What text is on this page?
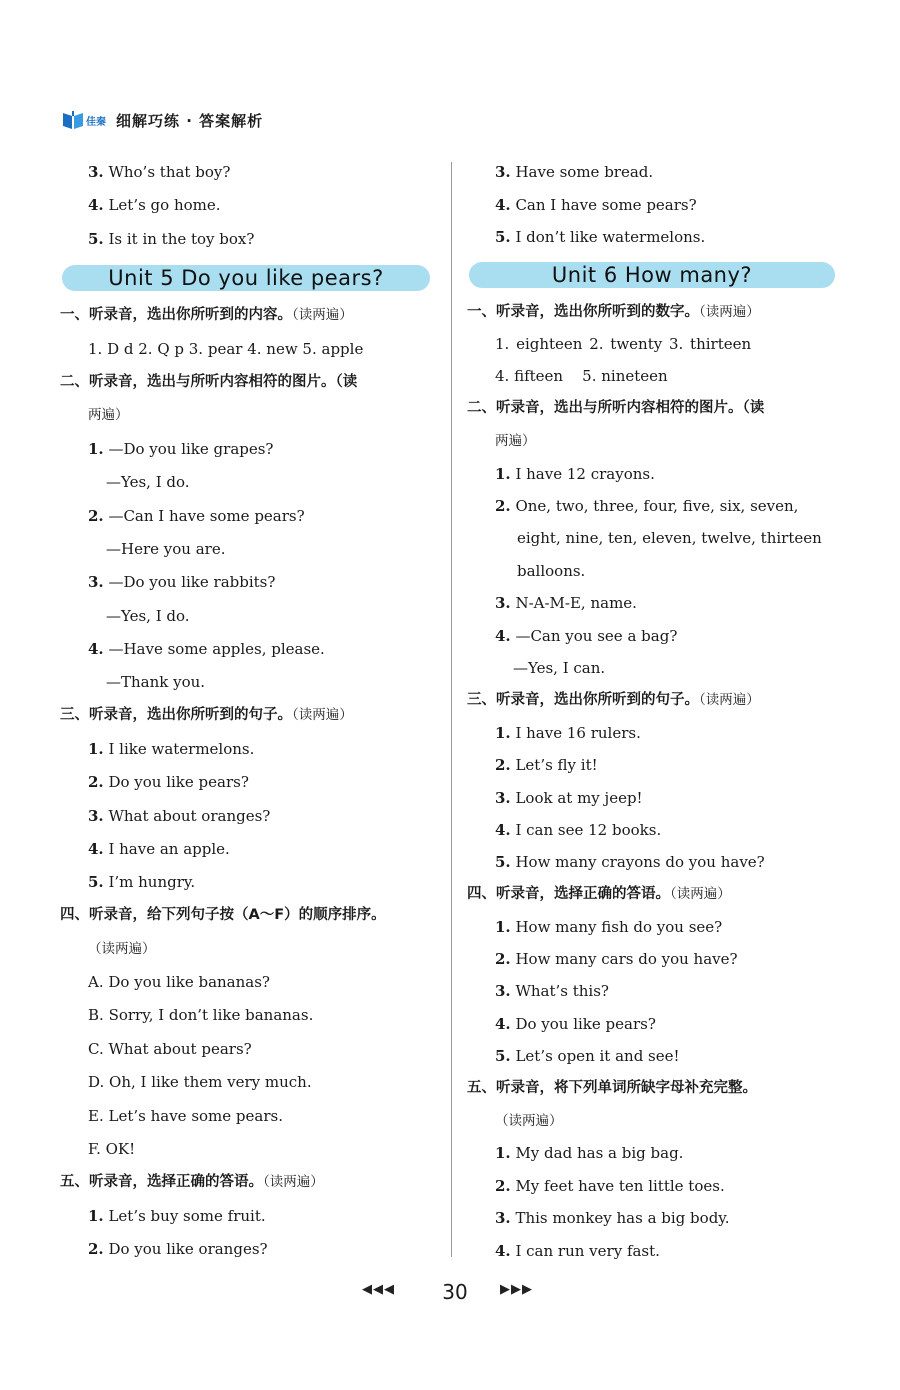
佳秦 细解巧练 · 答案解析
3. Who’s that boy?
4. Let’s go home.
5. Is it in the toy box?
Unit 5 Do you like pears?
一、听录音，选出你所听到的内容。（读两遍）
1. D d 2. Q p 3. pear 4. new 5. apple
二、听录音，选出与所听内容相符的图片。（读
两遍）
1. —Do you like grapes?
—Yes, I do.
2. —Can I have some pears?
—Here you are.
3. —Do you like rabbits?
—Yes, I do.
4. —Have some apples, please.
—Thank you.
三、听录音，选出你所听到的句子。（读两遍）
1. I like watermelons.
2. Do you like pears?
3. What about oranges?
4. I have an apple.
5. I’m hungry.
四、听录音，给下列句子按（A～F）的顺序排序。
（读两遍）
A. Do you like bananas?
B. Sorry, I don’t like bananas.
C. What about pears?
D. Oh, I like them very much.
E. Let’s have some pears.
F. OK!
五、听录音，选择正确的答语。（读两遍）
1. Let’s buy some fruit.
2. Do you like oranges?
3. Have some bread.
4. Can I have some pears?
5. I don’t like watermelons.
Unit 6 How many?
一、听录音，选出你所听到的数字。（读两遍）
1. eighteen 2. twenty 3. thirteen
4. fifteen    5. nineteen
二、听录音，选出与所听内容相符的图片。（读
两遍）
1. I have 12 crayons.
2. One, two, three, four, five, six, seven,
eight, nine, ten, eleven, twelve, thirteen
balloons.
3. N-A-M-E, name.
4. —Can you see a bag?
—Yes, I can.
三、听录音，选出你所听到的句子。（读两遍）
1. I have 16 rulers.
2. Let’s fly it!
3. Look at my jeep!
4. I can see 12 books.
5. How many crayons do you have?
四、听录音，选择正确的答语。（读两遍）
1. How many fish do you see?
2. How many cars do you have?
3. What’s this?
4. Do you like pears?
5. Let’s open it and see!
五、听录音，将下列单词所缺字母补充完整。
（读两遍）
1. My dad has a big bag.
2. My feet have ten little toes.
3. This monkey has a big body.
4. I can run very fast.
◀◀◀	30	▶▶▶
